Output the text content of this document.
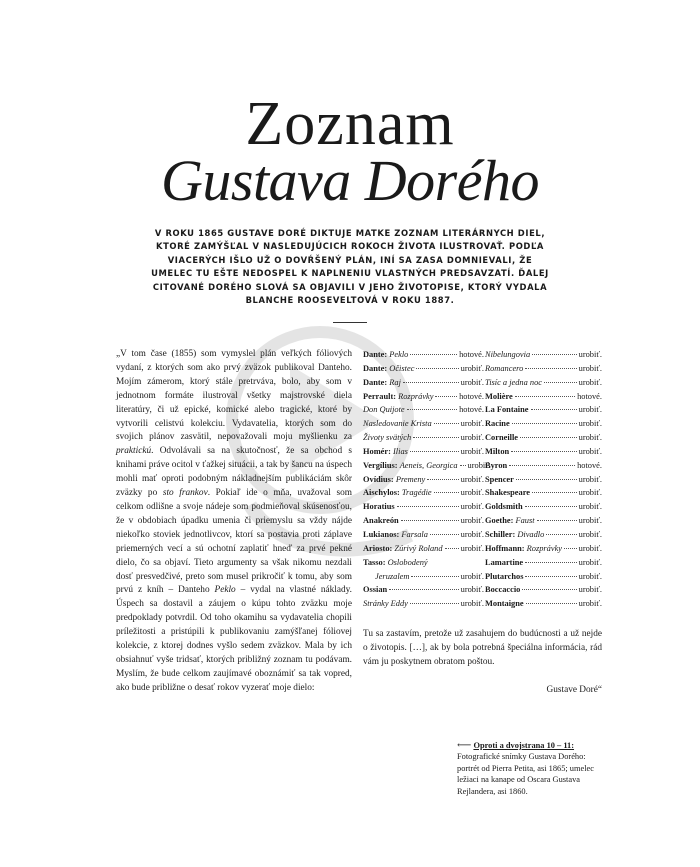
Zoznam
Gustava Dorého
V ROKU 1865 GUSTAVE DORÉ DIKTUJE MATKE ZOZNAM LITERÁRNYCH DIEL, KTORÉ ZAMÝŠĽAL V NASLEDUJÚCICH ROKOCH ŽIVOTA ILUSTROVAŤ. PODĽA VIACERÝCH IŠLO UŽ O DOVŔŠENÝ PLÁN, INÍ SA ZASA DOMNIEVALI, ŽE UMELEC TU EŠTE NEDOSPEL K NAPLNENIU VLASTNÝCH PREDSAVZATÍ. ĎALEJ CITOVANÉ DORÉHO SLOVÁ SA OBJAVILI V JEHO ŽIVOTOPISE, KTORÝ VYDALA BLANCHE ROOSEVELTOVÁ V ROKU 1887.

„V tom čase (1855) som vymyslel plán veľkých fóliových vydaní, z ktorých som ako prvý zväzok publikoval Danteho. Mojím zámerom, ktorý stále pretrváva, bolo, aby som v jednotnom formáte ilustroval všetky majstrovské diela literatúry, či už epické, komické alebo tragické, ktoré by vytvorili celistvú kolekciu. Vydavatelia, ktorých som do svojich plánov zasvätil, nepovažovali moju myšlienku za praktickú. Odvolávali sa na skutočnosť, že sa obchod s knihami práve ocitol v ťažkej situácii, a tak by šancu na úspech mohli mať oproti podobným nákladnejším publikáciám skôr zväzky po sto frankov. Pokiaľ ide o mňa, uvažoval som celkom odlišne a svoje nádeje som podmieňoval skúsenosťou, že v obdobiach úpadku umenia či priemyslu sa vždy nájde niekoľko stoviek jednotlivcov, ktorí sa postavia proti záplave priemerných vecí a sú ochotní zaplatiť hneď za prvé pekné dielo, čo sa objaví. Tieto argumenty sa však nikomu nezdali dosť presvedčivé, preto som musel prikročiť k tomu, aby som prvú z kníh – Danteho Peklo – vydal na vlastné náklady. Úspech sa dostavil a záujem o kúpu tohto zväzku moje predpoklady potvrdil. Od toho okamihu sa vydavatelia chopili príležitosti a pristúpili k publikovaniu zamýšľanej fóliovej kolekcie, z ktorej dodnes vyšlo sedem zväzkov. Mala by ich obsiahnuť vyše tridsať, ktorých približný zoznam tu podávam. Myslím, že bude celkom zaujímavé oboznámiť sa tak vopred, ako bude približne o desať rokov vyzerať moje dielo:

Dante:
Peklo	hotové.
Dante:
Očistec	urobiť.
Dante:
Raj	urobiť.
Perrault:
Rozprávky	hotové.
Don Quijote	hotové.
Nasledovanie Krista	urobiť.
Životy svätých	urobiť.
Homér:
Ilias	urobiť.
Vergílius:
Aeneis, Georgica urobiť.
Ovídius:
Premeny	urobiť.
Aischylos:
Tragédie	urobiť.
Horatius	urobiť.
Anakreón	urobiť.
Lukianos:
Farsala	urobiť.
Ariosto:
Zúrivý Roland urobiť.
Tasso:
Oslobodený
Jeruzalem	urobiť.
Ossian	urobiť.
Stránky Eddy	urobiť.
Nibelungovia	urobiť.
Romancero	urobiť.
Tisíc a jedna noc	urobiť.
Molière	hotové.
La Fontaine	urobiť.
Racine	urobiť.
Corneille	urobiť.
Milton	urobiť.
Byron	hotové.
Spencer	urobiť.
Shakespeare	urobiť.
Goldsmith	urobiť.
Goethe:
Faust	urobiť.
Schiller:
Divadlo	urobiť.
Hoffmann:
Rozprávky urobiť.
Lamartine	urobiť.
Plutarchos	urobiť.
Boccaccio	urobiť.
Montaigne	urobiť.
Tu sa zastavím, pretože už zasahujem do budúcnosti a už nejde o životopis. […], ak by bola potrebná špeciálna informácia, rád vám ju poskytnem obratom poštou.
Gustave Doré“
⟵ Oproti a dvojstrana 10 – 11:
Fotografické snímky Gustava Dorého: portrét od Pierra Petita, asi 1865; umelec ležiaci na kanape od Oscara Gustava Rejlandera, asi 1860.
